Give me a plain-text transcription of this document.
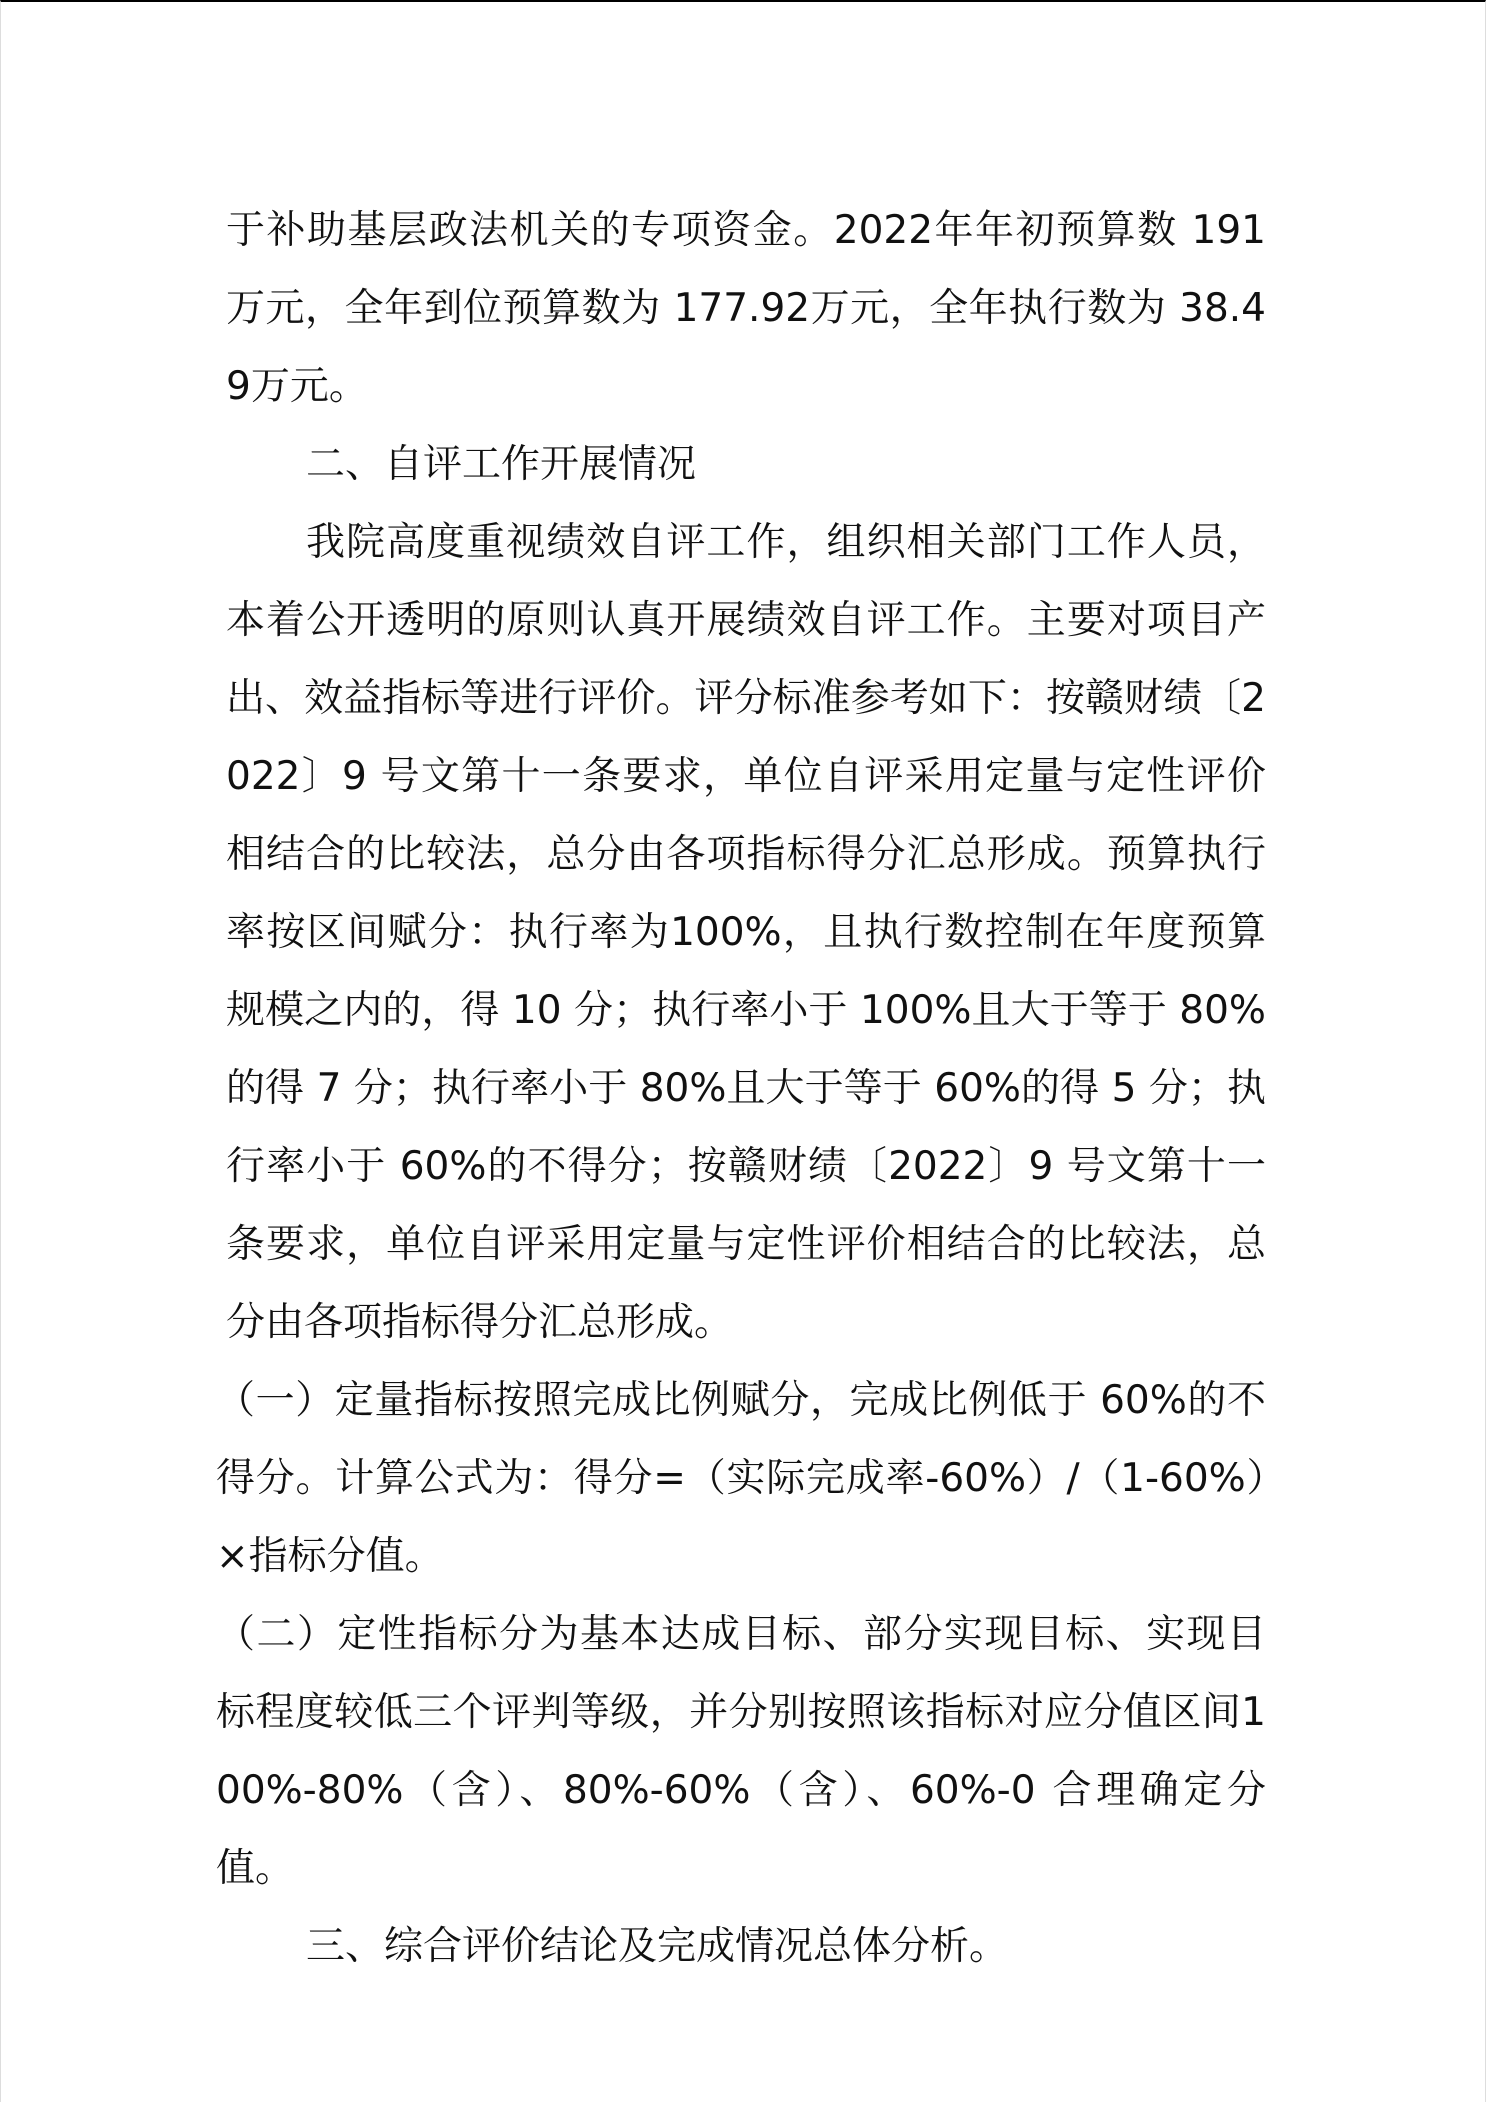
于补助基层政法机关的专项资金。2022年年初预算数 191万元，全年到位预算数为 177.92万元，全年执行数为 38.49万元。

二、自评工作开展情况

我院高度重视绩效自评工作，组织相关部门工作人员，本着公开透明的原则认真开展绩效自评工作。主要对项目产出、效益指标等进行评价。评分标准参考如下：按赣财绩〔2022〕9 号文第十一条要求，单位自评采用定量与定性评价相结合的比较法，总分由各项指标得分汇总形成。预算执行率按区间赋分：执行率为100%，且执行数控制在年度预算规模之内的，得 10 分；执行率小于 100%且大于等于 80%的得 7 分；执行率小于 80%且大于等于 60%的得 5 分；执行率小于 60%的不得分；按赣财绩〔2022〕9 号文第十一条要求，单位自评采用定量与定性评价相结合的比较法，总分由各项指标得分汇总形成。

（一）定量指标按照完成比例赋分，完成比例低于 60%的不得分。计算公式为：得分=（实际完成率-60%）/（1-60%）×指标分值。

（二）定性指标分为基本达成目标、部分实现目标、实现目标程度较低三个评判等级，并分别按照该指标对应分值区间100%-80%（含）、80%-60%（含）、60%-0 合理确定分值。

三、综合评价结论及完成情况总体分析。
